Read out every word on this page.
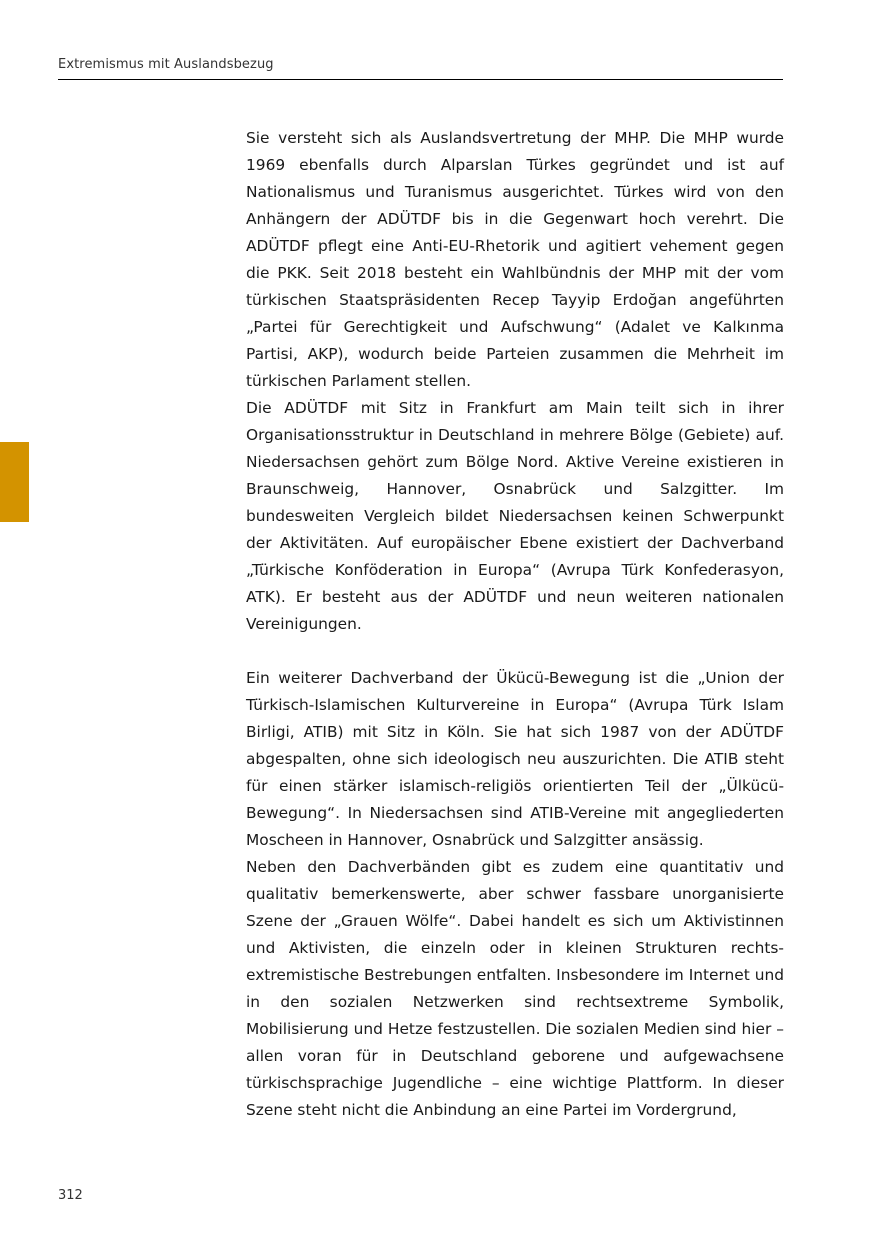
Extremismus mit Auslandsbezug

Sie versteht sich als Auslandsvertretung der MHP. Die MHP wurde 1969 ebenfalls durch Alparslan Türkes gegründet und ist auf Nationalismus und Turanismus ausgerichtet. Türkes wird von den Anhängern der ADÜTDF bis in die Gegenwart hoch verehrt. Die ADÜTDF pflegt eine Anti-EU-Rhetorik und agitiert vehement gegen die PKK. Seit 2018 besteht ein Wahlbündnis der MHP mit der vom türkischen Staatspräsidenten Recep Tayyip Erdoğan angeführten „Partei für Gerechtigkeit und Aufschwung“ (Adalet ve Kalkınma Partisi, AKP), wodurch beide Parteien zusammen die Mehrheit im türkischen Parlament stellen.

Die ADÜTDF mit Sitz in Frankfurt am Main teilt sich in ihrer Organisationsstruktur in Deutschland in mehrere Bölge (Gebiete) auf. Niedersachsen gehört zum Bölge Nord. Aktive Vereine existieren in Braunschweig, Hannover, Osnabrück und Salzgitter. Im bundesweiten Vergleich bildet Niedersachsen keinen Schwerpunkt der Aktivitäten. Auf europäischer Ebene existiert der Dachverband „Türkische Konföderation in Europa“ (Avrupa Türk Konfederasyon, ATK). Er besteht aus der ADÜTDF und neun weiteren nationalen Vereinigungen.

Ein weiterer Dachverband der Ükücü-Bewegung ist die „Union der Türkisch-Islamischen Kulturvereine in Europa“ (Avrupa Türk Islam Birligi, ATIB) mit Sitz in Köln. Sie hat sich 1987 von der ADÜTDF abgespalten, ohne sich ideologisch neu auszurichten. Die ATIB steht für einen stärker islamisch-religiös orientierten Teil der „Ülkücü-Bewegung“. In Niedersachsen sind ATIB-Vereine mit angegliederten Moscheen in Hannover, Osnabrück und Salzgitter ansässig.

Neben den Dachverbänden gibt es zudem eine quantitativ und qualitativ bemerkenswerte, aber schwer fassbare unorganisierte Szene der „Grauen Wölfe“. Dabei handelt es sich um Aktivistinnen und Aktivisten, die einzeln oder in kleinen Strukturen rechts-extremistische Bestrebungen entfalten. Insbesondere im Internet und in den sozialen Netzwerken sind rechtsextreme Symbolik, Mobilisierung und Hetze festzustellen. Die sozialen Medien sind hier – allen voran für in Deutschland geborene und aufgewachsene türkischsprachige Jugendliche – eine wichtige Plattform. In dieser Szene steht nicht die Anbindung an eine Partei im Vordergrund,

312
